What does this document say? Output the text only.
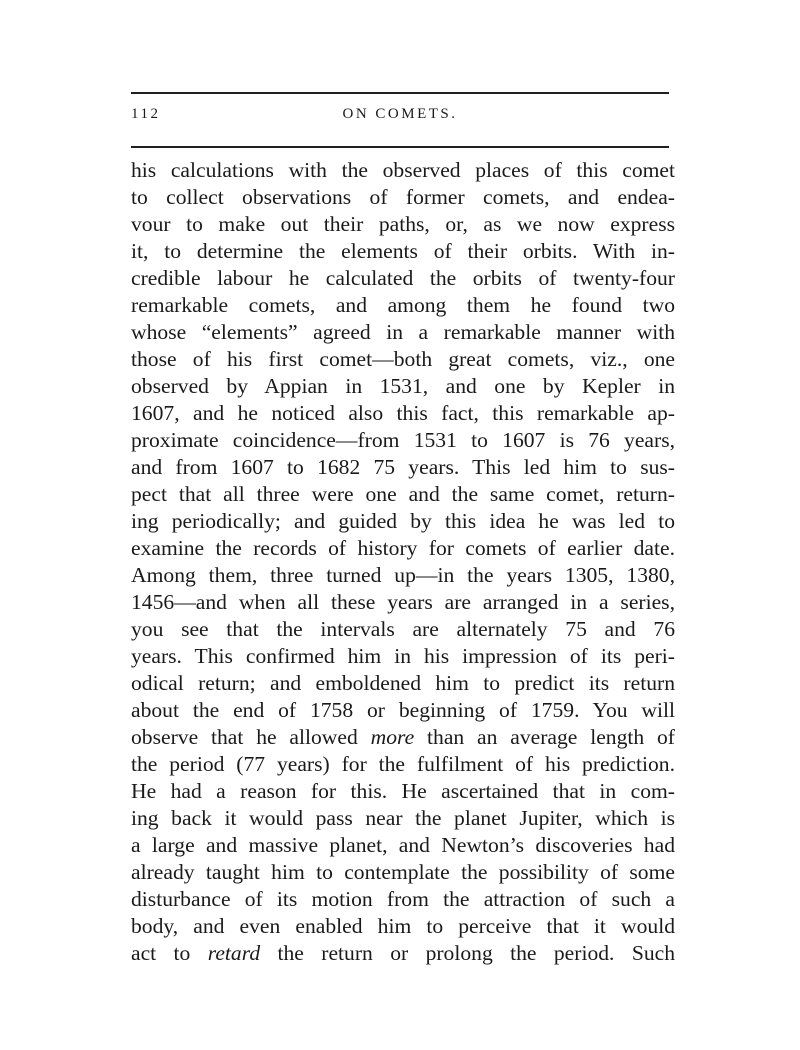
112	ON COMETS.
his calculations with the observed places of this comet
to collect observations of former comets, and endea-
vour to make out their paths, or, as we now express
it, to determine the elements of their orbits. With in-
credible labour he calculated the orbits of twenty-four
remarkable comets, and among them he found two
whose “elements” agreed in a remarkable manner with
those of his first comet—both great comets, viz., one
observed by Appian in 1531, and one by Kepler in
1607, and he noticed also this fact, this remarkable ap-
proximate coincidence—from 1531 to 1607 is 76 years,
and from 1607 to 1682 75 years. This led him to sus-
pect that all three were one and the same comet, return-
ing periodically; and guided by this idea he was led to
examine the records of history for comets of earlier date.
Among them, three turned up—in the years 1305, 1380,
1456—and when all these years are arranged in a series,
you see that the intervals are alternately 75 and 76
years. This confirmed him in his impression of its peri-
odical return; and emboldened him to predict its return
about the end of 1758 or beginning of 1759. You will
observe that he allowed more than an average length of
the period (77 years) for the fulfilment of his prediction.
He had a reason for this. He ascertained that in com-
ing back it would pass near the planet Jupiter, which is
a large and massive planet, and Newton’s discoveries had
already taught him to contemplate the possibility of some
disturbance of its motion from the attraction of such a
body, and even enabled him to perceive that it would
act to retard the return or prolong the period. Such
